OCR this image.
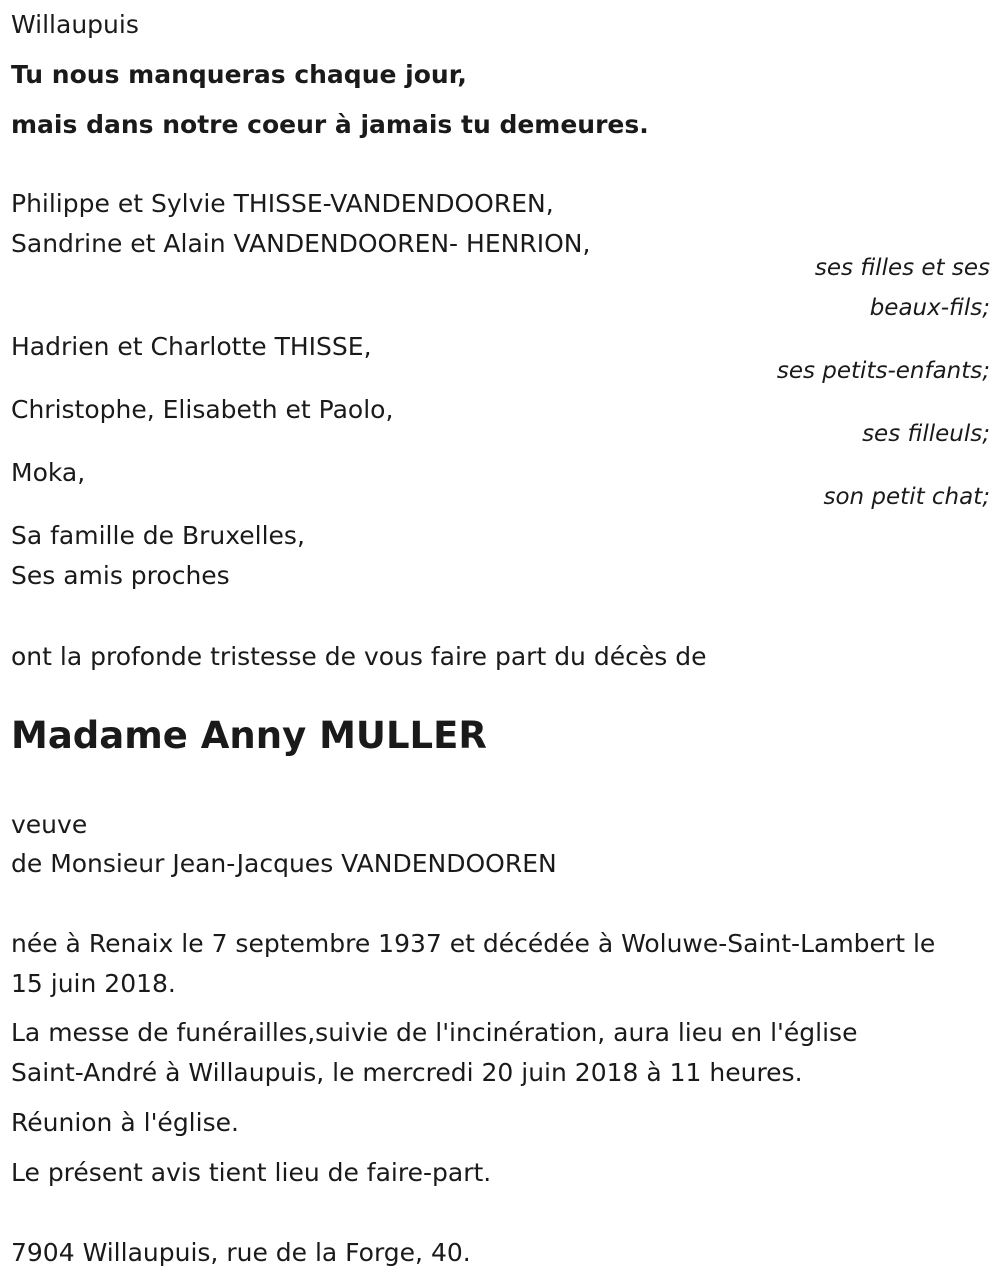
Willaupuis

Tu nous manqueras chaque jour,

mais dans notre coeur à jamais tu demeures.

Philippe et Sylvie THISSE-VANDENDOOREN,

Sandrine et Alain VANDENDOOREN- HENRION,

ses filles et ses

beaux-fils;

Hadrien et Charlotte THISSE,

ses petits-enfants;

Christophe, Elisabeth et Paolo,

ses filleuls;

Moka,

son petit chat;

Sa famille de Bruxelles,

Ses amis proches

ont la profonde tristesse de vous faire part du décès de

Madame Anny MULLER

veuve

de Monsieur Jean-Jacques VANDENDOOREN

née à Renaix le 7 septembre 1937 et décédée à Woluwe-Saint-Lambert le

15 juin 2018.

La messe de funérailles,suivie de l'incinération, aura lieu en l'église

Saint-André à Willaupuis, le mercredi 20 juin 2018 à 11 heures.

Réunion à l'église.

Le présent avis tient lieu de faire-part.

7904 Willaupuis, rue de la Forge, 40.
